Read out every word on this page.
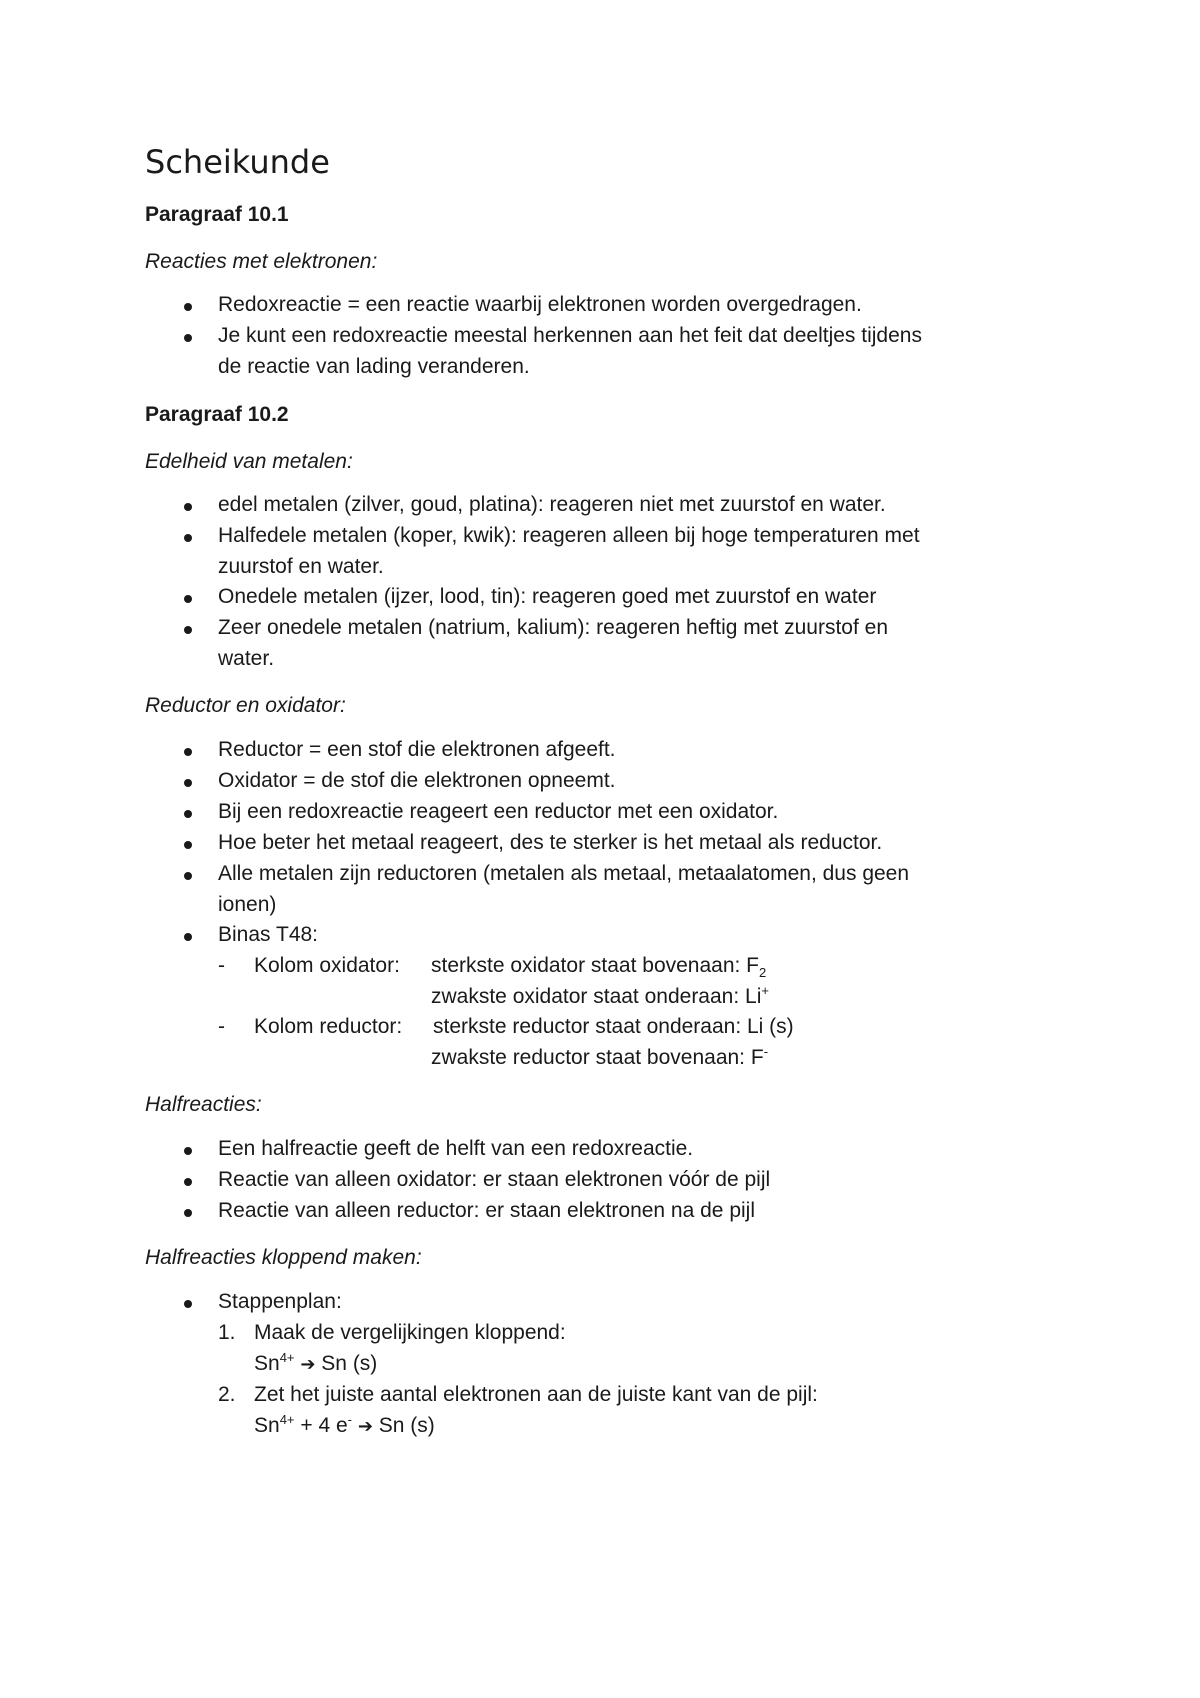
Scheikunde
Paragraaf 10.1
Reacties met elektronen:
Redoxreactie = een reactie waarbij elektronen worden overgedragen.
Je kunt een redoxreactie meestal herkennen aan het feit dat deeltjes tijdens
de reactie van lading veranderen.
Paragraaf 10.2
Edelheid van metalen:
edel metalen (zilver, goud, platina): reageren niet met zuurstof en water.
Halfedele metalen (koper, kwik): reageren alleen bij hoge temperaturen met
zuurstof en water.
Onedele metalen (ijzer, lood, tin): reageren goed met zuurstof en water
Zeer onedele metalen (natrium, kalium): reageren heftig met zuurstof en
water.
Reductor en oxidator:
Reductor = een stof die elektronen afgeeft.
Oxidator = de stof die elektronen opneemt.
Bij een redoxreactie reageert een reductor met een oxidator.
Hoe beter het metaal reageert, des te sterker is het metaal als reductor.
Alle metalen zijn reductoren (metalen als metaal, metaalatomen, dus geen
ionen)
Binas T48:
- Kolom oxidator: sterkste oxidator staat bovenaan: $F_2$
zwakste oxidator staat onderaan: Li+
- Kolom reductor: sterkste reductor staat onderaan: Li (s)
zwakste reductor staat bovenaan: F-
Halfreacties:
Een halfreactie geeft de helft van een redoxreactie.
Reactie van alleen oxidator: er staan elektronen vóór de pijl
Reactie van alleen reductor: er staan elektronen na de pijl
Halfreacties kloppend maken:
Stappenplan:
1. Maak de vergelijkingen kloppend:
$Sn^{4+}$ ➔ Sn (s)
2. Zet het juiste aantal elektronen aan de juiste kant van de pijl:
$Sn^{4+} + 4$ e- ➔ Sn (s)
